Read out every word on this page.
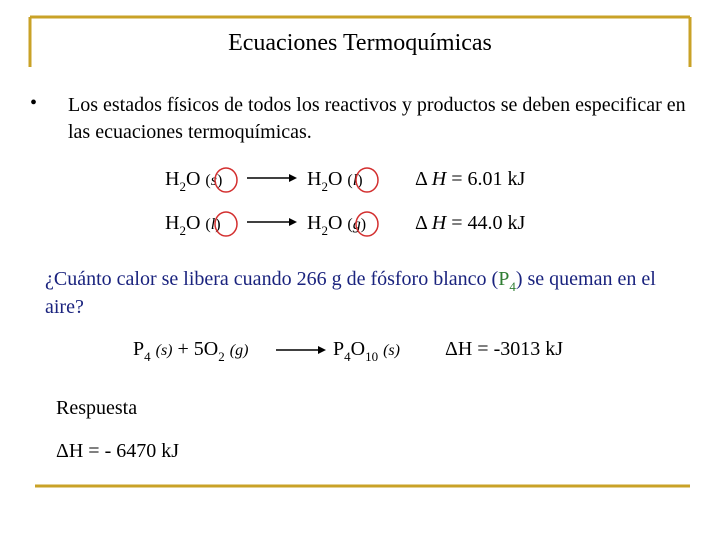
Ecuaciones Termoquímicas
• Los estados físicos de todos los reactivos y productos se deben especificar en las ecuaciones termoquímicas.
$H_2O$ (s)	$H_2O$ (l)	Δ H = 6.01 kJ
$H_2O$ (l)	$H_2O$ (g) Δ H = 44.0 kJ
¿Cuánto calor se libera cuando 266 g de fósforo blanco $(P_4)$ se queman en el aire?
$P_4$ $(s) + 5O_2$ $(g) \to P_4O_{10}$ (s) ΔH = -3013 kJ
Respuesta
ΔH = - 6470 kJ
